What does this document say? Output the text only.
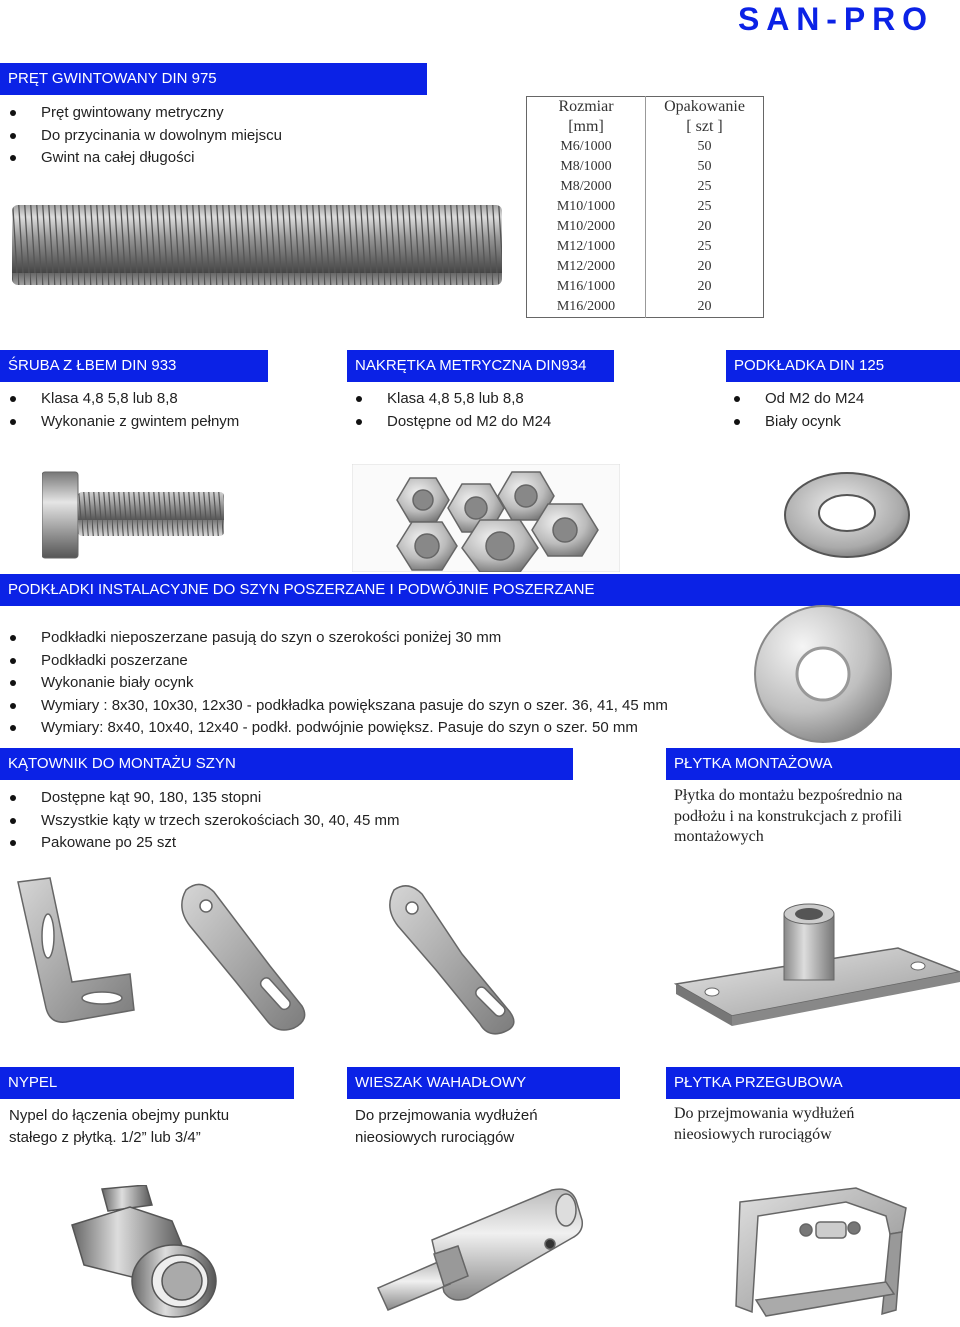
SAN-PRO
PRĘT GWINTOWANY DIN 975
Pręt gwintowany metryczny
Do przycinania w dowolnym miejscu
Gwint na całej długości
Rozmiar	Opakowanie
[mm]	[ szt ]
M6/1000	50
M8/1000	50
M8/2000	25
M10/1000	25
M10/2000	20
M12/1000	25
M12/2000	20
M16/1000	20
M16/2000	20
ŚRUBA Z ŁBEM DIN 933	NAKRĘTKA METRYCZNA DIN934	PODKŁADKA DIN 125
Klasa 4,8 5,8 lub 8,8
Wykonanie z gwintem pełnym
Klasa 4,8 5,8 lub 8,8
Dostępne od M2 do M24
Od M2 do M24
Biały ocynk
PODKŁADKI INSTALACYJNE DO SZYN POSZERZANE I PODWÓJNIE POSZERZANE
Podkładki nieposzerzane pasują do szyn o szerokości poniżej 30 mm
Podkładki poszerzane
Wykonanie biały ocynk
Wymiary : 8x30, 10x30, 12x30 - podkładka powiększana pasuje do szyn o szer. 36, 41, 45 mm
Wymiary: 8x40, 10x40, 12x40 - podkł. podwójnie powiększ. Pasuje do szyn o szer. 50 mm
KĄTOWNIK DO MONTAŻU SZYN	PŁYTKA MONTAŻOWA
Dostępne kąt 90, 180, 135 stopni
Wszystkie kąty w trzech szerokościach 30, 40, 45 mm
Pakowane po 25 szt
Płytka do montażu bezpośrednio na podłożu i na konstrukcjach z profili montażowych
NYPEL	WIESZAK WAHADŁOWY	PŁYTKA PRZEGUBOWA
Nypel do łączenia obejmy punktu stałego z płytką. 1/2” lub 3/4”
Do przejmowania wydłużeń nieosiowych rurociągów
Do przejmowania wydłużeń nieosiowych rurociągów
